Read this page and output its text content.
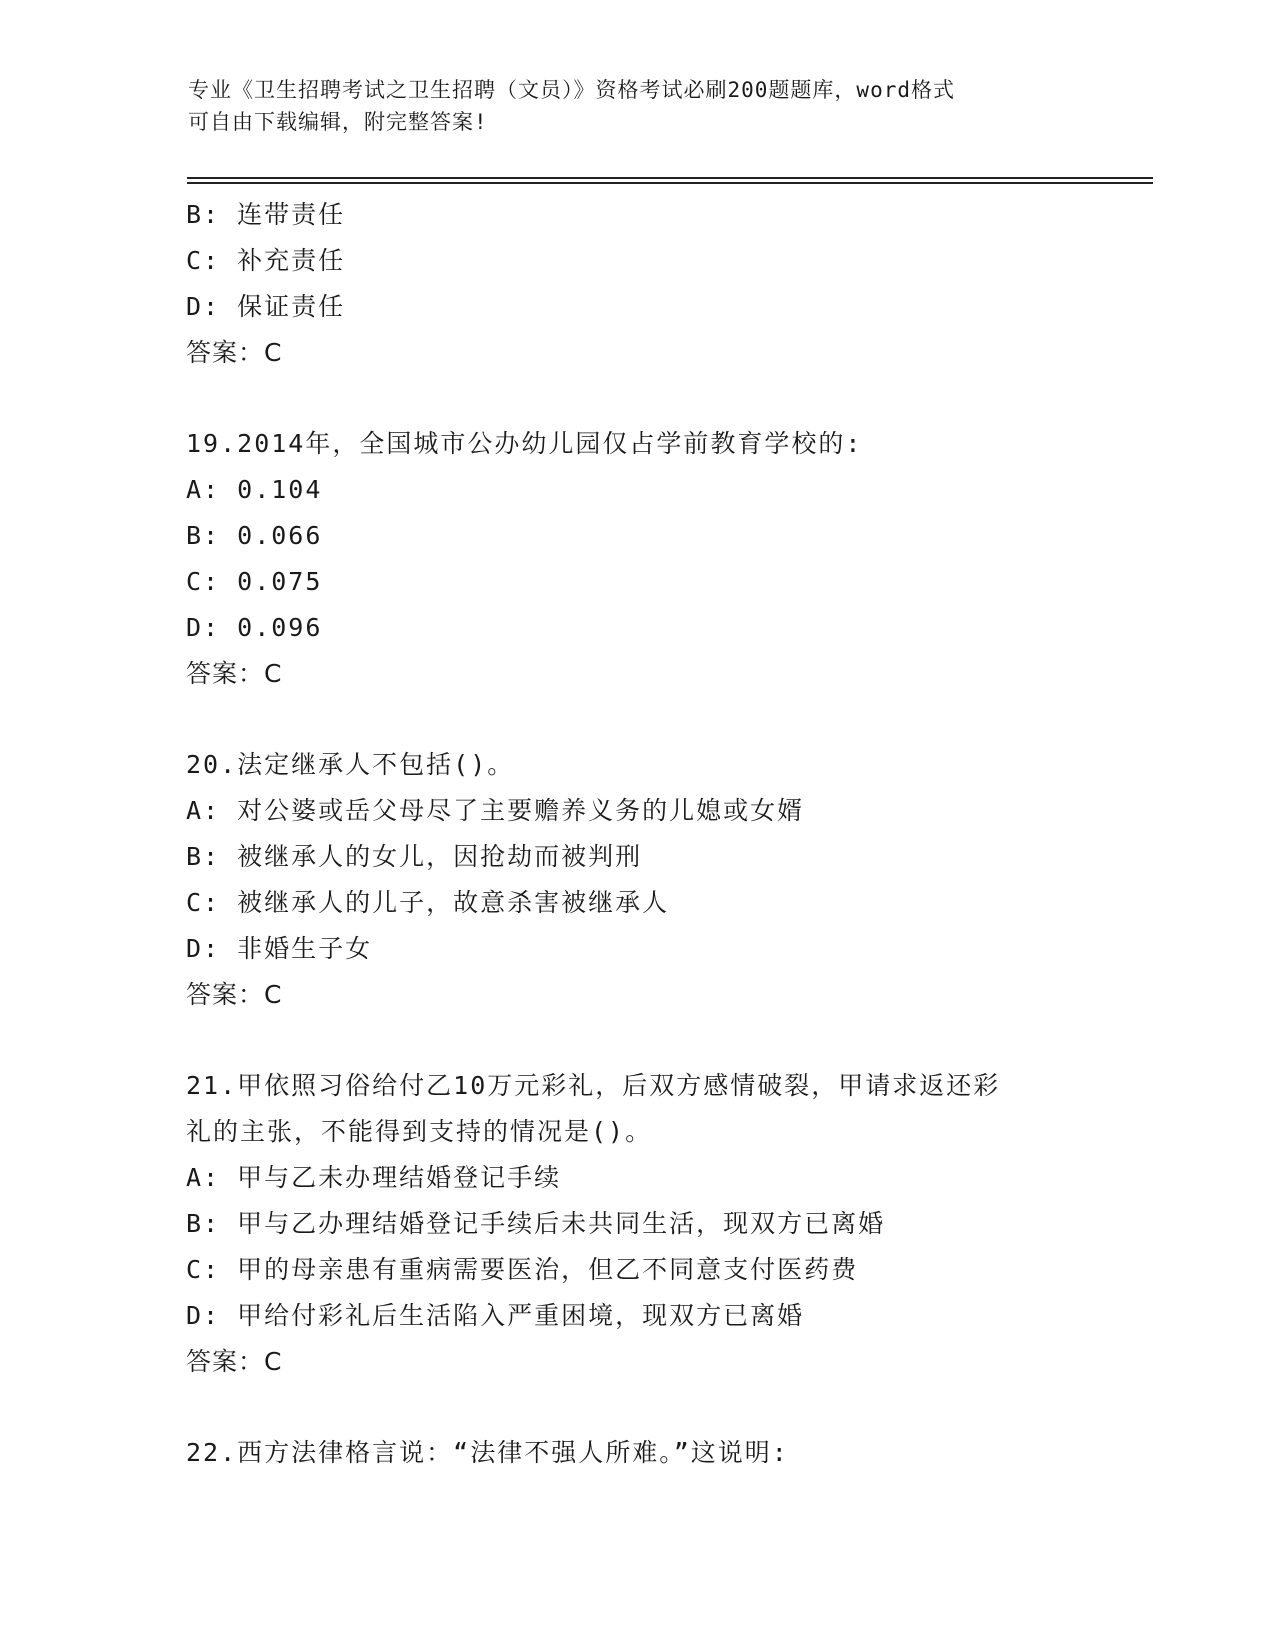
专业《卫生招聘考试之卫生招聘（文员）》资格考试必刷200题题库，word格式
可自由下载编辑，附完整答案!
B: 连带责任
C: 补充责任
D: 保证责任
答案：C
19.2014年，全国城市公办幼儿园仅占学前教育学校的:
A: 0.104
B: 0.066
C: 0.075
D: 0.096
答案：C
20.法定继承人不包括()。
A: 对公婆或岳父母尽了主要赡养义务的儿媳或女婿
B: 被继承人的女儿，因抢劫而被判刑
C: 被继承人的儿子，故意杀害被继承人
D: 非婚生子女
答案：C
21.甲依照习俗给付乙10万元彩礼，后双方感情破裂，甲请求返还彩
礼的主张，不能得到支持的情况是()。
A: 甲与乙未办理结婚登记手续
B: 甲与乙办理结婚登记手续后未共同生活，现双方已离婚
C: 甲的母亲患有重病需要医治，但乙不同意支付医药费
D: 甲给付彩礼后生活陷入严重困境，现双方已离婚
答案：C
22.西方法律格言说：“法律不强人所难。”这说明:
